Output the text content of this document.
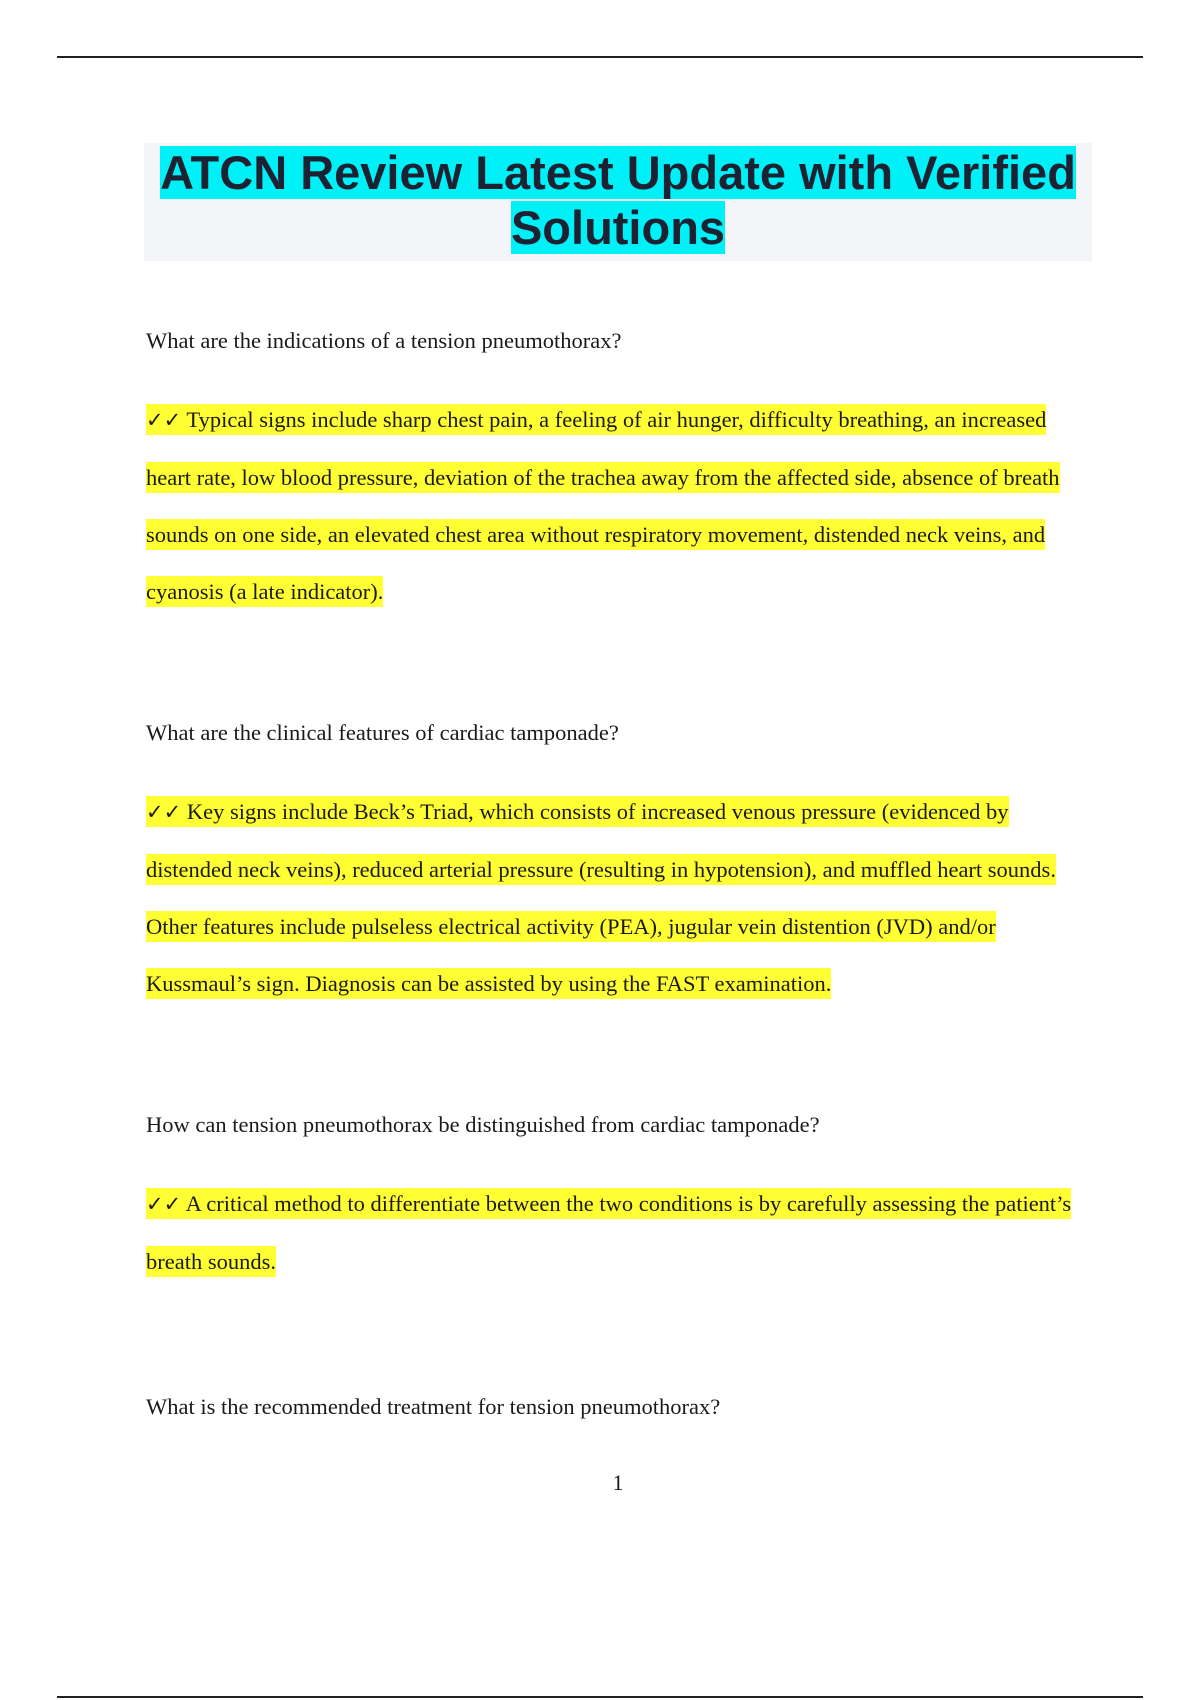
ATCN Review Latest Update with Verified Solutions

What are the indications of a tension pneumothorax?

✓✓ Typical signs include sharp chest pain, a feeling of air hunger, difficulty breathing, an increased heart rate, low blood pressure, deviation of the trachea away from the affected side, absence of breath sounds on one side, an elevated chest area without respiratory movement, distended neck veins, and cyanosis (a late indicator).

What are the clinical features of cardiac tamponade?

✓✓ Key signs include Beck’s Triad, which consists of increased venous pressure (evidenced by distended neck veins), reduced arterial pressure (resulting in hypotension), and muffled heart sounds. Other features include pulseless electrical activity (PEA), jugular vein distention (JVD) and/or Kussmaul’s sign. Diagnosis can be assisted by using the FAST examination.

How can tension pneumothorax be distinguished from cardiac tamponade?

✓✓ A critical method to differentiate between the two conditions is by carefully assessing the patient’s breath sounds.

What is the recommended treatment for tension pneumothorax?

1
